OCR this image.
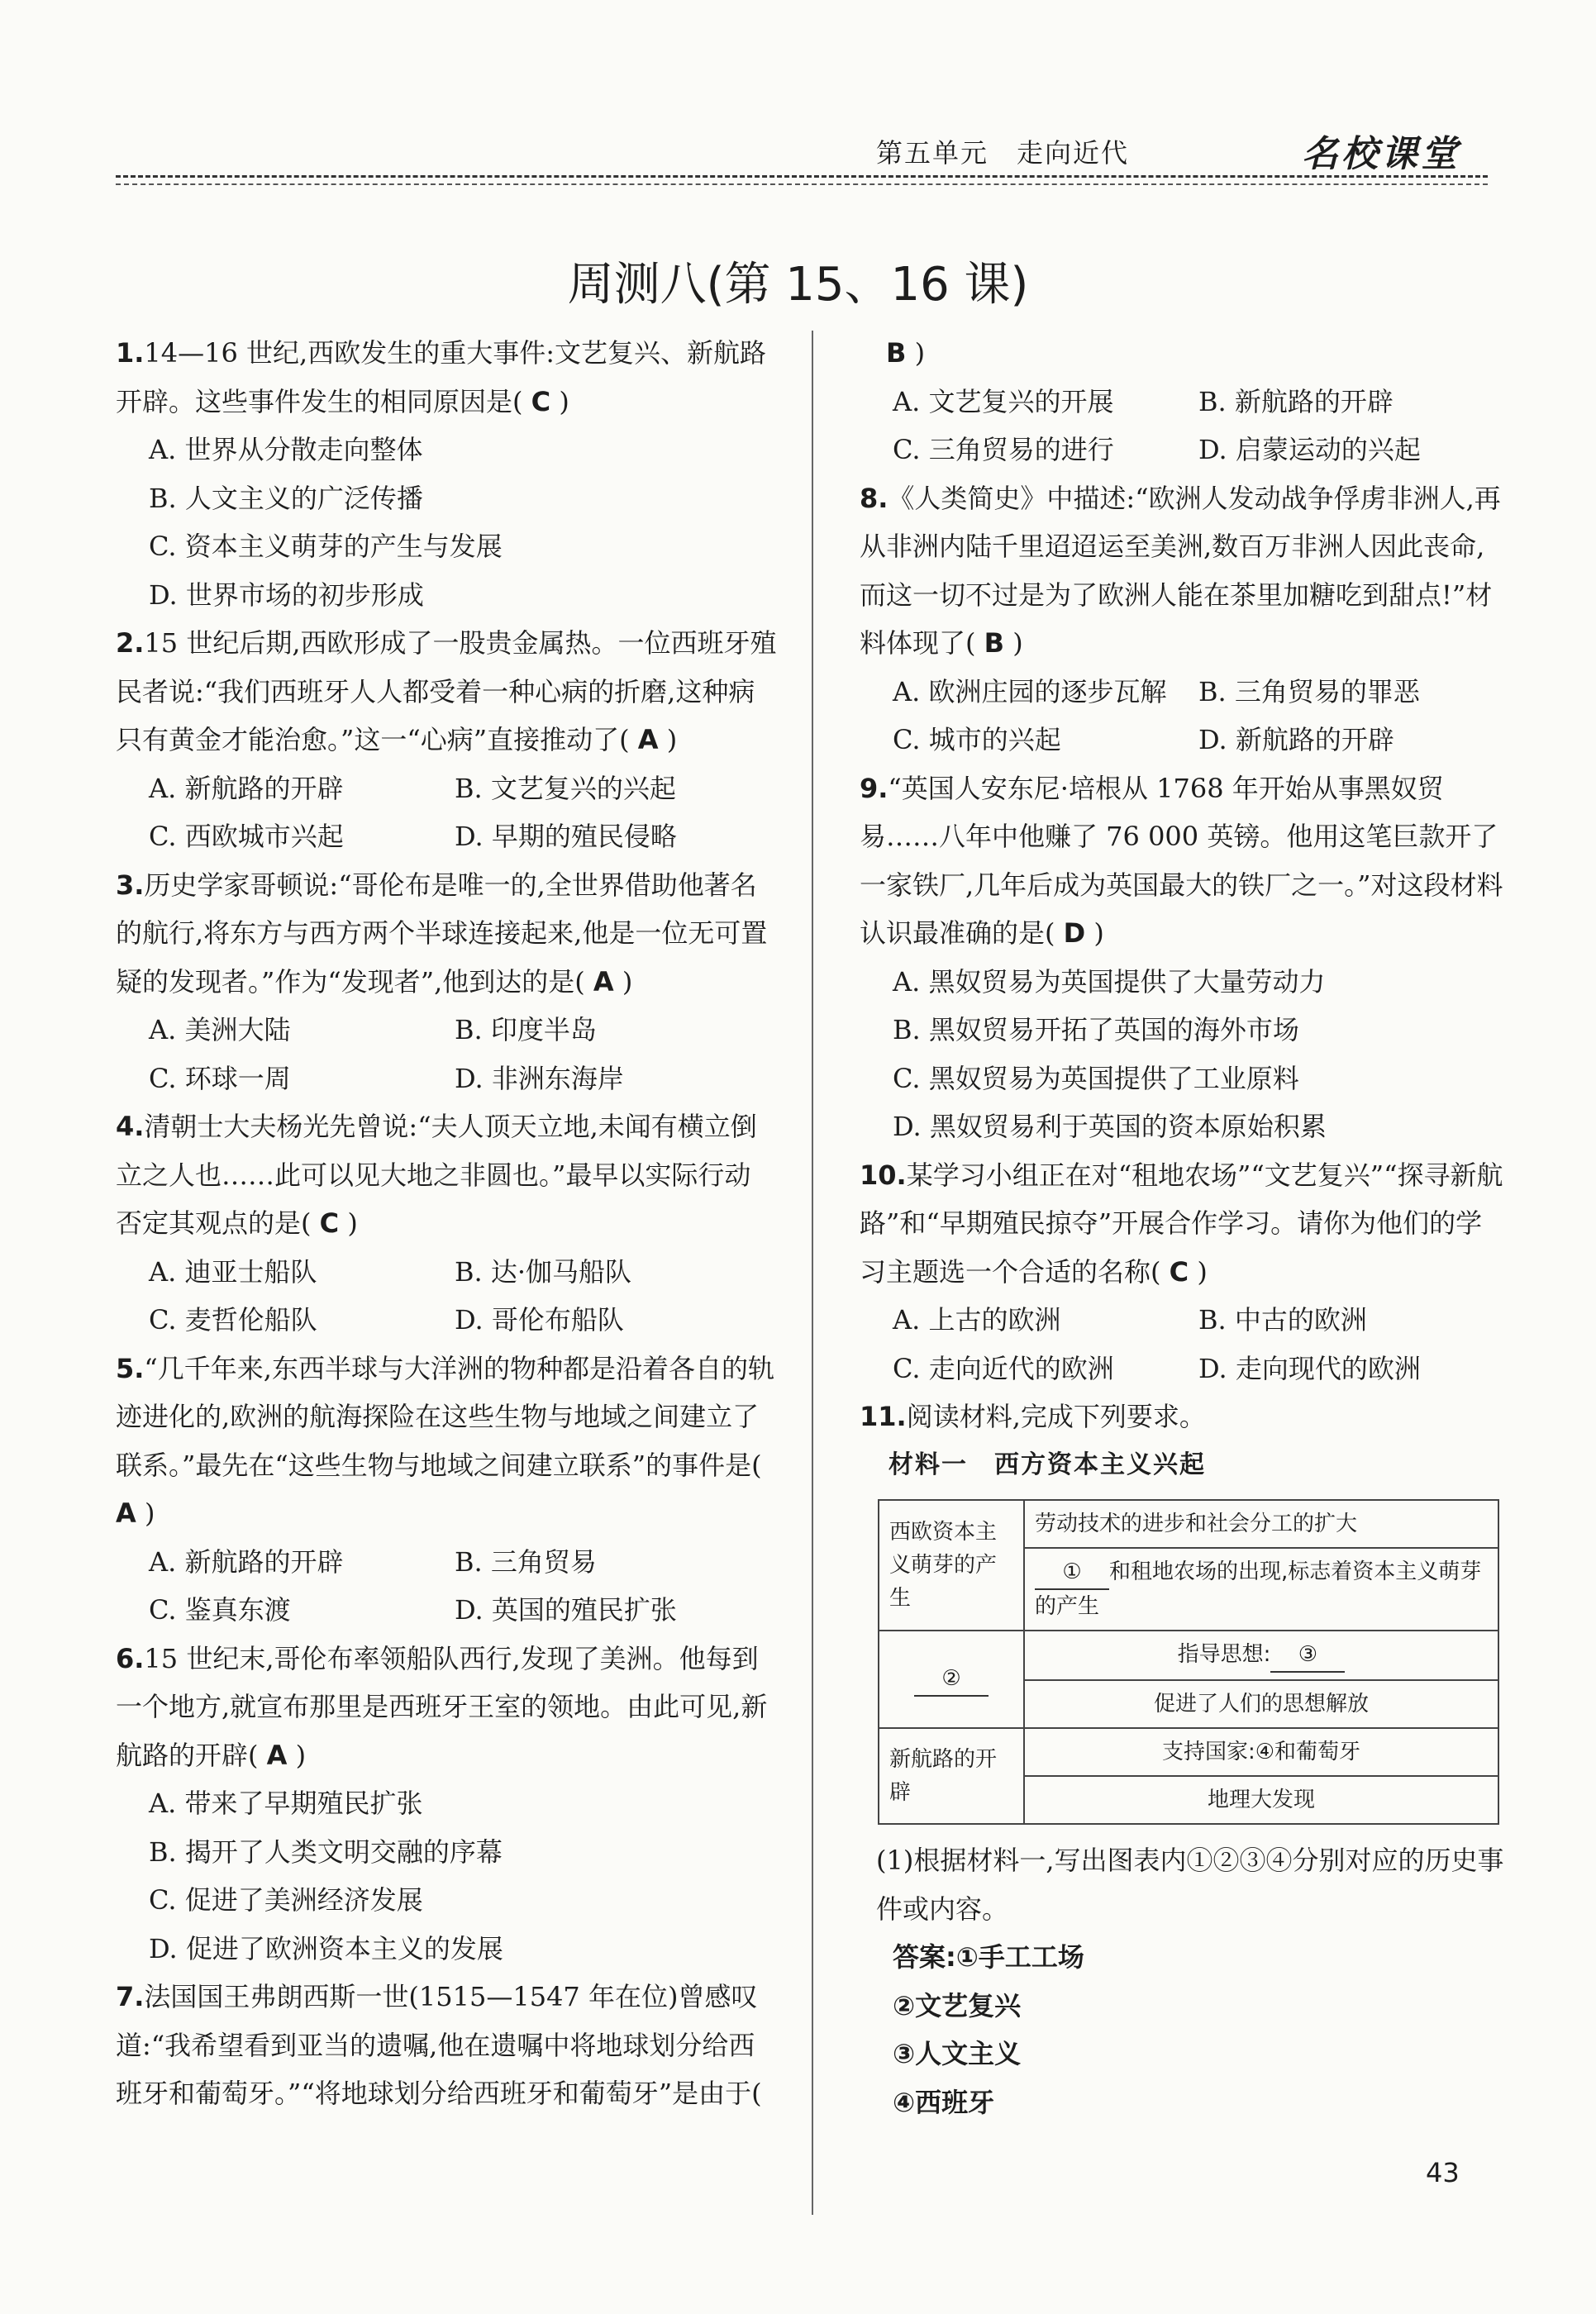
第五单元　走向近代	名校课堂
周测八(第 15、16 课)

1.14—16 世纪,西欧发生的重大事件:文艺复兴、新航路开辟。这些事件发生的相同原因是( C )

A. 世界从分散走向整体
B. 人文主义的广泛传播
C. 资本主义萌芽的产生与发展
D. 世界市场的初步形成

2.15 世纪后期,西欧形成了一股贵金属热。一位西班牙殖民者说:“我们西班牙人人都受着一种心病的折磨,这种病只有黄金才能治愈。”这一“心病”直接推动了( A )

A. 新航路的开辟	B. 文艺复兴的兴起
C. 西欧城市兴起	D. 早期的殖民侵略

3.历史学家哥顿说:“哥伦布是唯一的,全世界借助他著名的航行,将东方与西方两个半球连接起来,他是一位无可置疑的发现者。”作为“发现者”,他到达的是( A )

A. 美洲大陆	B. 印度半岛
C. 环球一周	D. 非洲东海岸

4.清朝士大夫杨光先曾说:“夫人顶天立地,未闻有横立倒立之人也……此可以见大地之非圆也。”最早以实际行动否定其观点的是( C )

A. 迪亚士船队	B. 达·伽马船队
C. 麦哲伦船队	D. 哥伦布船队

5.“几千年来,东西半球与大洋洲的物种都是沿着各自的轨迹进化的,欧洲的航海探险在这些生物与地域之间建立了联系。”最先在“这些生物与地域之间建立联系”的事件是( A )

A. 新航路的开辟	B. 三角贸易
C. 鉴真东渡	D. 英国的殖民扩张

6.15 世纪末,哥伦布率领船队西行,发现了美洲。他每到一个地方,就宣布那里是西班牙王室的领地。由此可见,新航路的开辟( A )

A. 带来了早期殖民扩张
B. 揭开了人类文明交融的序幕
C. 促进了美洲经济发展
D. 促进了欧洲资本主义的发展

7.法国国王弗朗西斯一世(1515—1547 年在位)曾感叹道:“我希望看到亚当的遗嘱,他在遗嘱中将地球划分给西班牙和葡萄牙。”“将地球划分给西班牙和葡萄牙”是由于(

　B )

A. 文艺复兴的开展	B. 新航路的开辟
C. 三角贸易的进行	D. 启蒙运动的兴起

8.《人类简史》中描述:“欧洲人发动战争俘虏非洲人,再从非洲内陆千里迢迢运至美洲,数百万非洲人因此丧命,而这一切不过是为了欧洲人能在茶里加糖吃到甜点!”材料体现了( B )

A. 欧洲庄园的逐步瓦解	B. 三角贸易的罪恶
C. 城市的兴起	D. 新航路的开辟

9.“英国人安东尼·培根从 1768 年开始从事黑奴贸易……八年中他赚了 76 000 英镑。他用这笔巨款开了一家铁厂,几年后成为英国最大的铁厂之一。”对这段材料认识最准确的是( D )

A. 黑奴贸易为英国提供了大量劳动力
B. 黑奴贸易开拓了英国的海外市场
C. 黑奴贸易为英国提供了工业原料
D. 黑奴贸易利于英国的资本原始积累

10.某学习小组正在对“租地农场”“文艺复兴”“探寻新航路”和“早期殖民掠夺”开展合作学习。请你为他们的学习主题选一个合适的名称( C )

A. 上古的欧洲	B. 中古的欧洲
C. 走向近代的欧洲	D. 走向现代的欧洲

11.阅读材料,完成下列要求。

材料一　西方资本主义兴起
西欧资本主义萌芽的产生	劳动技术的进步和社会分工的扩大
	① 和租地农场的出现,标志着资本主义萌芽的产生
②	指导思想: ③
	促进了人们的思想解放
新航路的开辟	支持国家:④和葡萄牙
	地理大发现

(1)根据材料一,写出图表内①②③④分别对应的历史事件或内容。

答案:①手工工场
②文艺复兴
③人文主义
④西班牙
43
